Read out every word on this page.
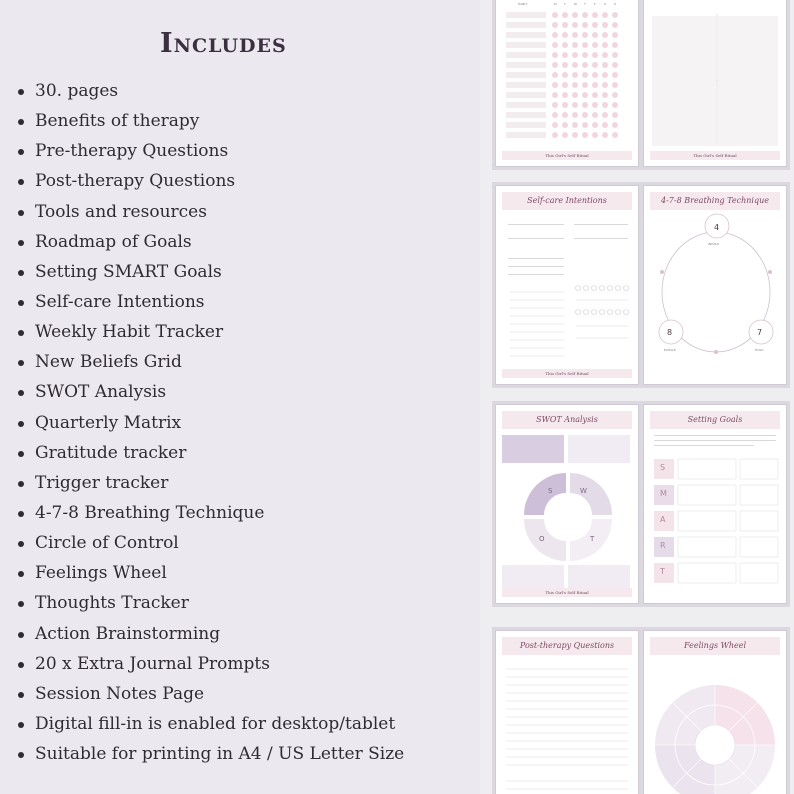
Includes
30. pages
Benefits of therapy
Pre-therapy Questions
Post-therapy Questions
Tools and resources
Roadmap of Goals
Setting SMART Goals
Self-care Intentions
Weekly Habit Tracker
New Beliefs Grid
SWOT Analysis
Quarterly Matrix
Gratitude tracker
Trigger tracker
4-7-8 Breathing Technique
Circle of Control
Feelings Wheel
Thoughts Tracker
Action Brainstorming
20 x Extra Journal Prompts
Session Notes Page
Digital fill-in is enabled for desktop/tablet
Suitable for printing in A4 / US Letter Size
HABIT	M T	W T	F	S	S
This Girl's Self Ritual	This Girl's Self Ritual
Self-care Intentions
This Girl's Self Ritual
4-7-8 Breathing Technique
4
INHALE
8
EXHALE
7
HOLD
SWOT Analysis
S	W
O	T
This Girl's Self Ritual
Setting Goals
S
M
A
R
T
Post-therapy Questions	Feelings Wheel
